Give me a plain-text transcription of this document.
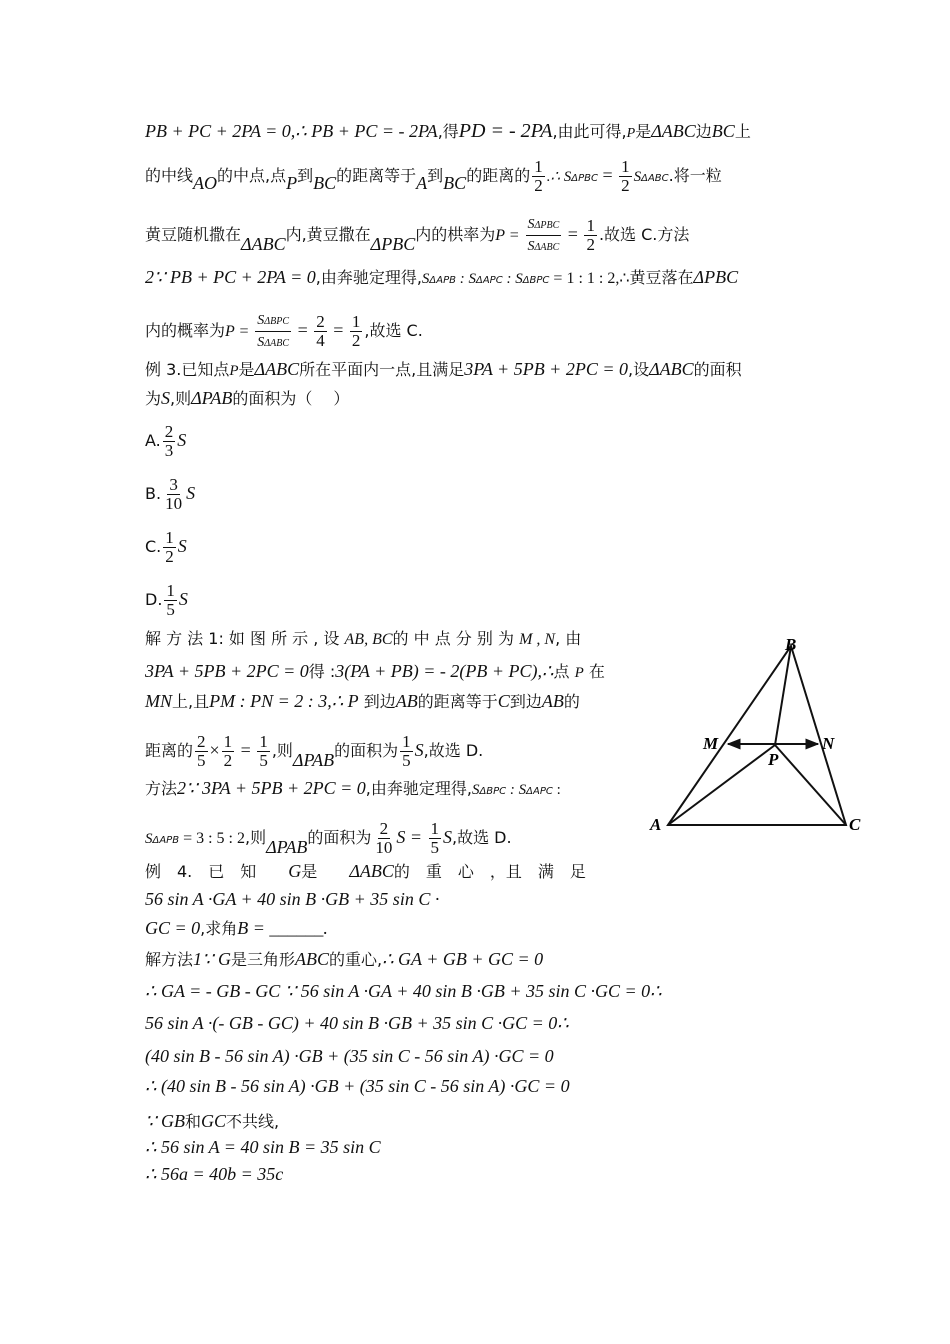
PB + PC + 2PA = 0,∴ PB + PC = - 2PA,得PD = - 2PA,由此可得,P是ΔABC边BC上
的中线AO的中点,点P到BC的距离等于A到BC的距离的 $\frac{1}{2}$ .∴ $S\Delta PBC = \frac{1}{2} S\Delta ABC$.将一粒
黄豆随机撒在ΔABC内,黄豆撒在ΔPBC内的栱率为$P = \frac{\text{SΔPBC}}{\text{SΔABC}} = \frac{1}{2}$ .故选 C.方法
2∵ PB + PC + 2PA = 0,由奔驰定理得,SΔAPB : SΔAPC : SΔBPC = 1 : 1 : 2,∴黄豆落在ΔPBC
内的概率为$P = \frac{\text{SΔBPC}}{\text{SΔABC}} = \frac{2}{4} = \frac{1}{2}$ ,故选 C.
例 3.已知点P是ΔABC所在平面内一点,且满足3PA + 5PB + 2PC = 0,设ΔABC的面积
为S,则ΔPAB的面积为（　 ）
A. $\frac{2}{3}$ S
B. $\frac{3}{10}$ S
C. $\frac{1}{2}$ S
D. $\frac{1}{5}$ S
解 方 法 1: 如 图 所 示 , 设 AB, BC的 中 点 分 别 为 M , N, 由
3PA + 5PB + 2PC = 0得 :3(PA + PB) = - 2(PB + PC),∴点 P 在
MN上,且PM : PN = 2 : 3,∴ P 到边AB的距离等于C到边AB的
距离的 $\frac{2}{5} \times \frac{1}{2} = \frac{1}{5}$ ,则ΔPAB的面积为 $\frac{1}{5} S$,故选 D.
方法2∵ 3PA + 5PB + 2PC = 0,由奔驰定理得,SΔBPC : SΔAPC :
SΔAPB = 3 : 5 : 2,则ΔPAB的面积为 $\frac{2}{10}$ $S = \frac{1}{5} S$,故选 D.
例　4.　已　知　　 G是　　 ΔABC的　重　心　，且　满　足
56 sin A ·GA + 40 sin B ·GB + 35 sin C ·
GC = 0,求角B = ______.
解方法1∵ G是三角形ABC的重心,∴ GA + GB + GC = 0
∴ GA = - GB - GC ∵ 56 sin A ·GA + 40 sin B ·GB + 35 sin C ·GC = 0∴
56 sin A ·(- GB - GC) + 40 sin B ·GB + 35 sin C ·GC = 0∴
(40 sin B - 56 sin A) ·GB + (35 sin C - 56 sin A) ·GC = 0
∴ (40 sin B - 56 sin A) ·GB + (35 sin C - 56 sin A) ·GC = 0
∵ GB和GC不共线,
∴ 56 sin A = 40 sin B = 35 sin C
∴ 56a = 40b = 35c
B
M	N
P
A	C
